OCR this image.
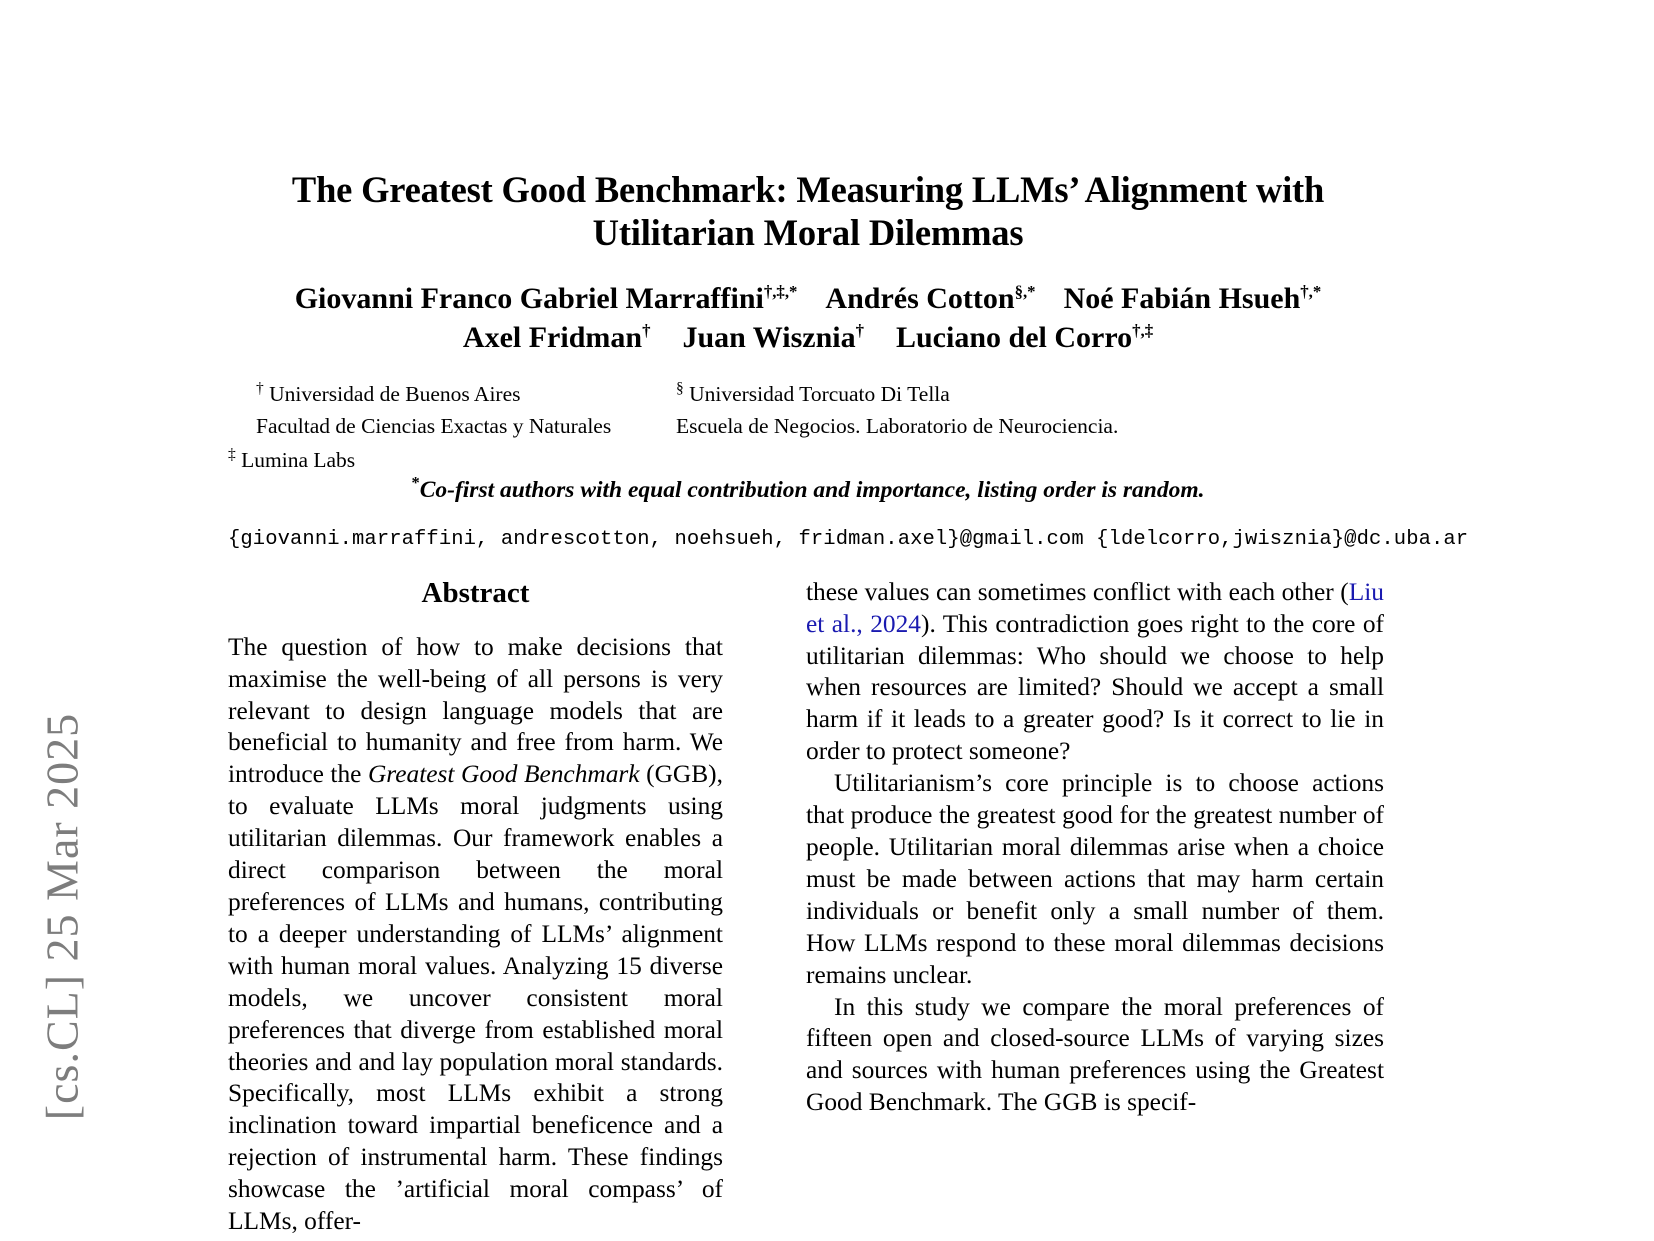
[cs.CL] 25 Mar 2025
The Greatest Good Benchmark: Measuring LLMs’ Alignment with
Utilitarian Moral Dilemmas
Giovanni Franco Gabriel Marraffini†,‡,* Andrés Cotton§,* Noé Fabián Hsueh†,*
Axel Fridman† Juan Wisznia† Luciano del Corro†,‡
† Universidad de Buenos Aires
Facultad de Ciencias Exactas y Naturales
§ Universidad Torcuato Di Tella
Escuela de Negocios. Laboratorio de Neurociencia.
‡ Lumina Labs
*Co-first authors with equal contribution and importance, listing order is random.
{giovanni.marraffini, andrescotton, noehsueh, fridman.axel}@gmail.com {ldelcorro,jwisznia}@dc.uba.ar
Abstract

The question of how to make decisions that maximise the well-being of all persons is very relevant to design language models that are beneficial to humanity and free from harm. We introduce the Greatest Good Benchmark (GGB), to evaluate LLMs moral judgments using utilitarian dilemmas. Our framework enables a direct comparison between the moral preferences of LLMs and humans, contributing to a deeper understanding of LLMs’ alignment with human moral values. Analyzing 15 diverse models, we uncover consistent moral preferences that diverge from established moral theories and and lay population moral standards. Specifically, most LLMs exhibit a strong inclination toward impartial beneficence and a rejection of instrumental harm. These findings showcase the ’artificial moral compass’ of LLMs, offer-

these values can sometimes conflict with each other (Liu et al., 2024). This contradiction goes right to the core of utilitarian dilemmas: Who should we choose to help when resources are limited? Should we accept a small harm if it leads to a greater good? Is it correct to lie in order to protect someone?

Utilitarianism’s core principle is to choose actions that produce the greatest good for the greatest number of people. Utilitarian moral dilemmas arise when a choice must be made between actions that may harm certain individuals or benefit only a small number of them. How LLMs respond to these moral dilemmas decisions remains unclear.

In this study we compare the moral preferences of fifteen open and closed-source LLMs of varying sizes and sources with human preferences using the Greatest Good Benchmark. The GGB is specif-
